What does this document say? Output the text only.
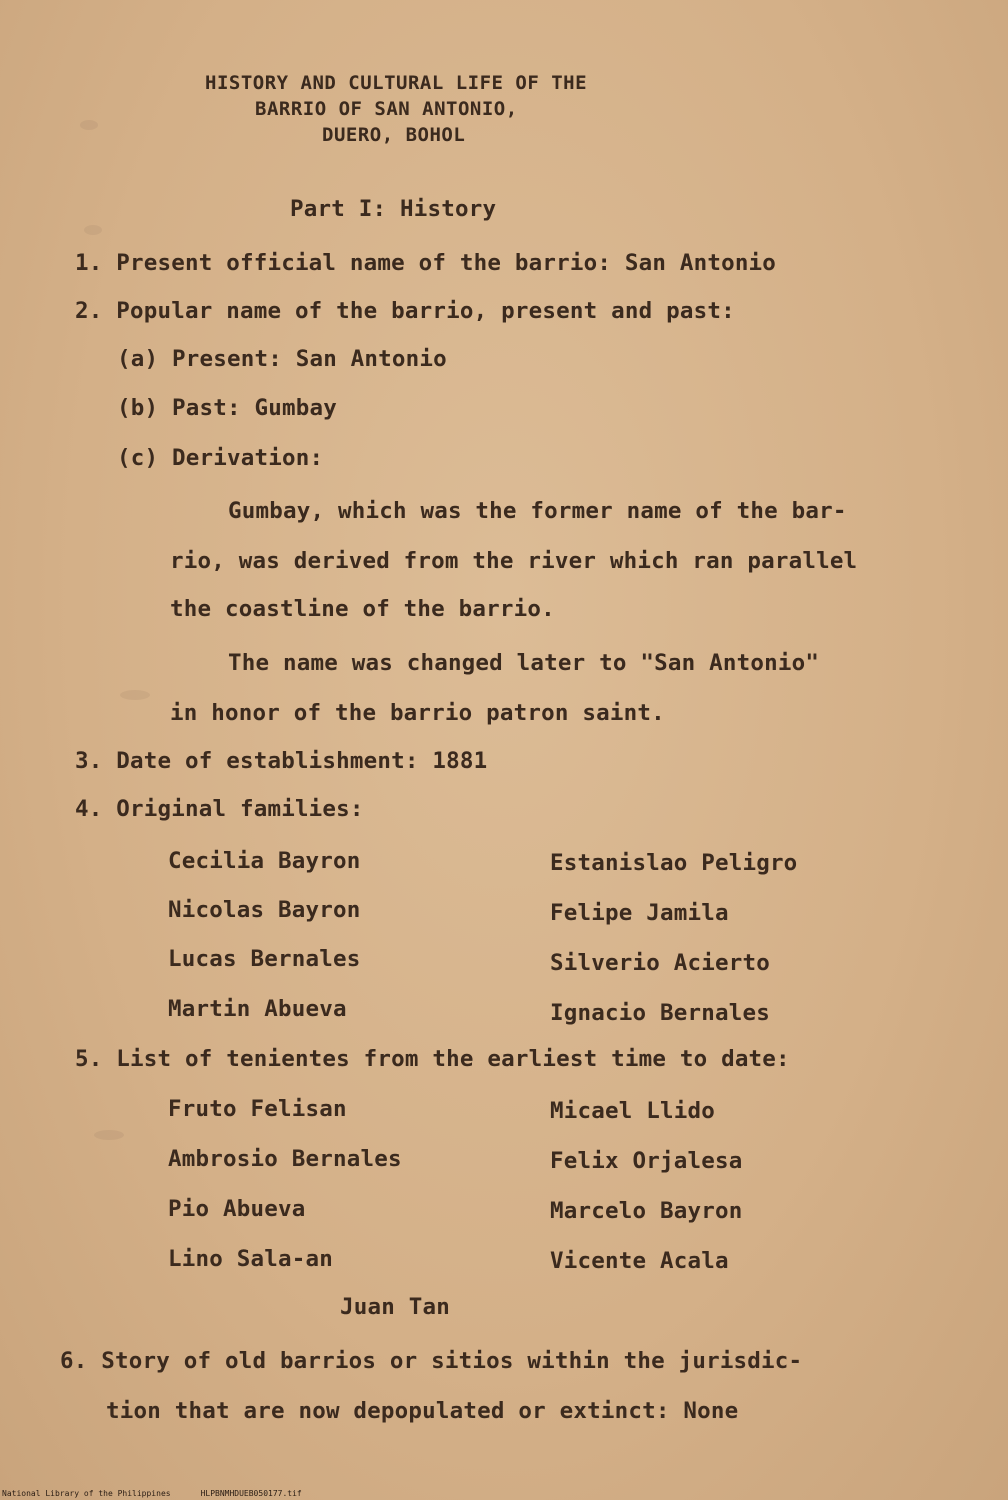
HISTORY AND CULTURAL LIFE OF THE
BARRIO OF SAN ANTONIO,
DUERO, BOHOL
Part I: History
1. Present official name of the barrio: San Antonio
2. Popular name of the barrio, present and past:
(a) Present: San Antonio
(b) Past: Gumbay
(c) Derivation:
Gumbay, which was the former name of the bar-
rio, was derived from the river which ran parallel
the coastline of the barrio.
The name was changed later to "San Antonio"
in honor of the barrio patron saint.
3. Date of establishment: 1881
4. Original families:
Cecilia Bayron
Nicolas Bayron
Lucas Bernales
Martin Abueva
Estanislao Peligro
Felipe Jamila
Silverio Acierto
Ignacio Bernales
5. List of tenientes from the earliest time to date:
Fruto Felisan
Ambrosio Bernales
Pio Abueva
Lino Sala-an
Micael Llido
Felix Orjalesa
Marcelo Bayron
Vicente Acala
Juan Tan
6. Story of old barrios or sitios within the jurisdic-
tion that are now depopulated or extinct: None
National Library of the Philippines	HLPBNMHDUEB050177.tif
